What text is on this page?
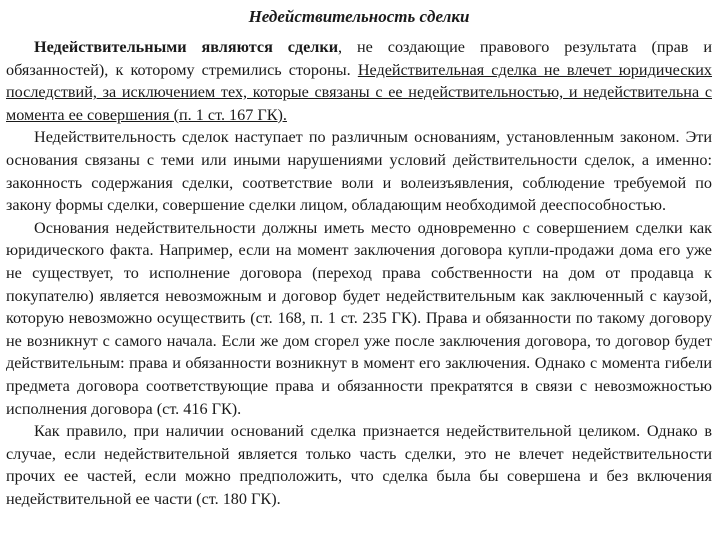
Недействительность сделки

Недействительными являются сделки, не создающие правового результата (прав и обязанностей), к которому стремились стороны. Недействительная сделка не влечет юридических последствий, за исключением тех, которые связаны с ее недействительностью, и недействительна с момента ее совершения (п. 1 ст. 167 ГК).

Недействительность сделок наступает по различным основаниям, установленным законом. Эти основания связаны с теми или иными нарушениями условий действительности сделок, а именно: законность содержания сделки, соответствие воли и волеизъявления, соблюдение требуемой по закону формы сделки, совершение сделки лицом, обладающим необходимой дееспособностью.

Основания недействительности должны иметь место одновременно с совершением сделки как юридического факта. Например, если на момент заключения договора купли-продажи дома его уже не существует, то исполнение договора (переход права собственности на дом от продавца к покупателю) является невозможным и договор будет недействительным как заключенный с каузой, которую невозможно осуществить (ст. 168, п. 1 ст. 235 ГК). Права и обязанности по такому договору не возникнут с самого начала. Если же дом сгорел уже после заключения договора, то договор будет действительным: права и обязанности возникнут в момент его заключения. Однако с момента гибели предмета договора соответствующие права и обязанности прекратятся в связи с невозможностью исполнения договора (ст. 416 ГК).

Как правило, при наличии оснований сделка признается недействительной целиком. Однако в случае, если недействительной является только часть сделки, это не влечет недействительности прочих ее частей, если можно предположить, что сделка была бы совершена и без включения недействительной ее части (ст. 180 ГК).
